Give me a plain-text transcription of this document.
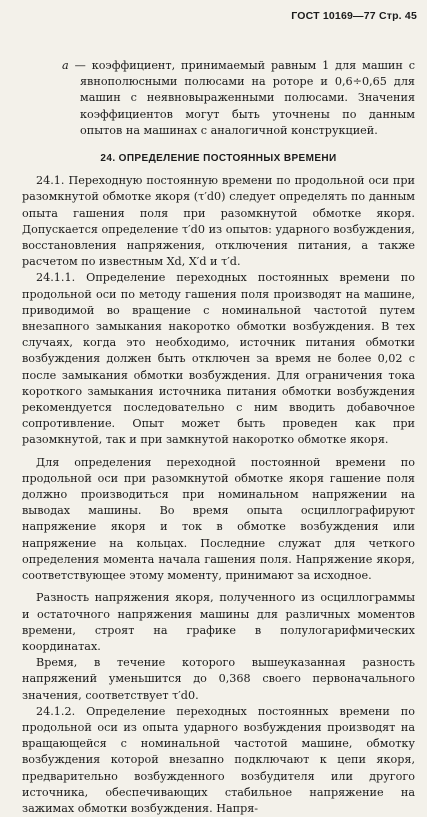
ГОСТ 10169—77 Стр. 45

a — коэффициент, принимаемый равным 1 для машин с явнополюсными полюсами на роторе и 0,6÷0,65 для машин с неявновыраженными полюсами. Значения коэффициентов могут быть уточнены по данным опытов на машинах с аналогичной конструкцией.

24. ОПРЕДЕЛЕНИЕ ПОСТОЯННЫХ ВРЕМЕНИ

24.1. Переходную постоянную времени по продольной оси при разомкнутой обмотке якоря (τ′d0) следует определять по данным опыта гашения поля при разомкнутой обмотке якоря. Допускается определение τ′d0 из опытов: ударного возбуждения, восстановления напряжения, отключения питания, а также расчетом по известным Xd, X′d и τ′d.

24.1.1. Определение переходных постоянных времени по продольной оси по методу гашения поля производят на машине, приводимой во вращение с номинальной частотой путем внезапного замыкания накоротко обмотки возбуждения. В тех случаях, когда это необходимо, источник питания обмотки возбуждения должен быть отключен за время не более 0,02 с после замыкания обмотки возбуждения. Для ограничения тока короткого замыкания источника питания обмотки возбуждения рекомендуется последовательно с ним вводить добавочное сопротивление. Опыт может быть проведен как при разомкнутой, так и при замкнутой накоротко обмотке якоря.

Для определения переходной постоянной времени по продольной оси при разомкнутой обмотке якоря гашение поля должно производиться при номинальном напряжении на выводах машины. Во время опыта осциллографируют напряжение якоря и ток в обмотке возбуждения или напряжение на кольцах. Последние служат для четкого определения момента начала гашения поля. Напряжение якоря, соответствующее этому моменту, принимают за исходное.

Разность напряжения якоря, полученного из осциллограммы и остаточного напряжения машины для различных моментов времени, строят на графике в полулогарифмических координатах.

Время, в течение которого вышеуказанная разность напряжений уменьшится до 0,368 своего первоначального значения, соответствует τ′d0.

24.1.2. Определение переходных постоянных времени по продольной оси из опыта ударного возбуждения производят на вращающейся с номинальной частотой машине, обмотку возбуждения которой внезапно подключают к цепи якоря, предварительно возбужденного возбудителя или другого источника, обеспечивающих стабильное напряжение на зажимах обмотки возбуждения. Напря-
